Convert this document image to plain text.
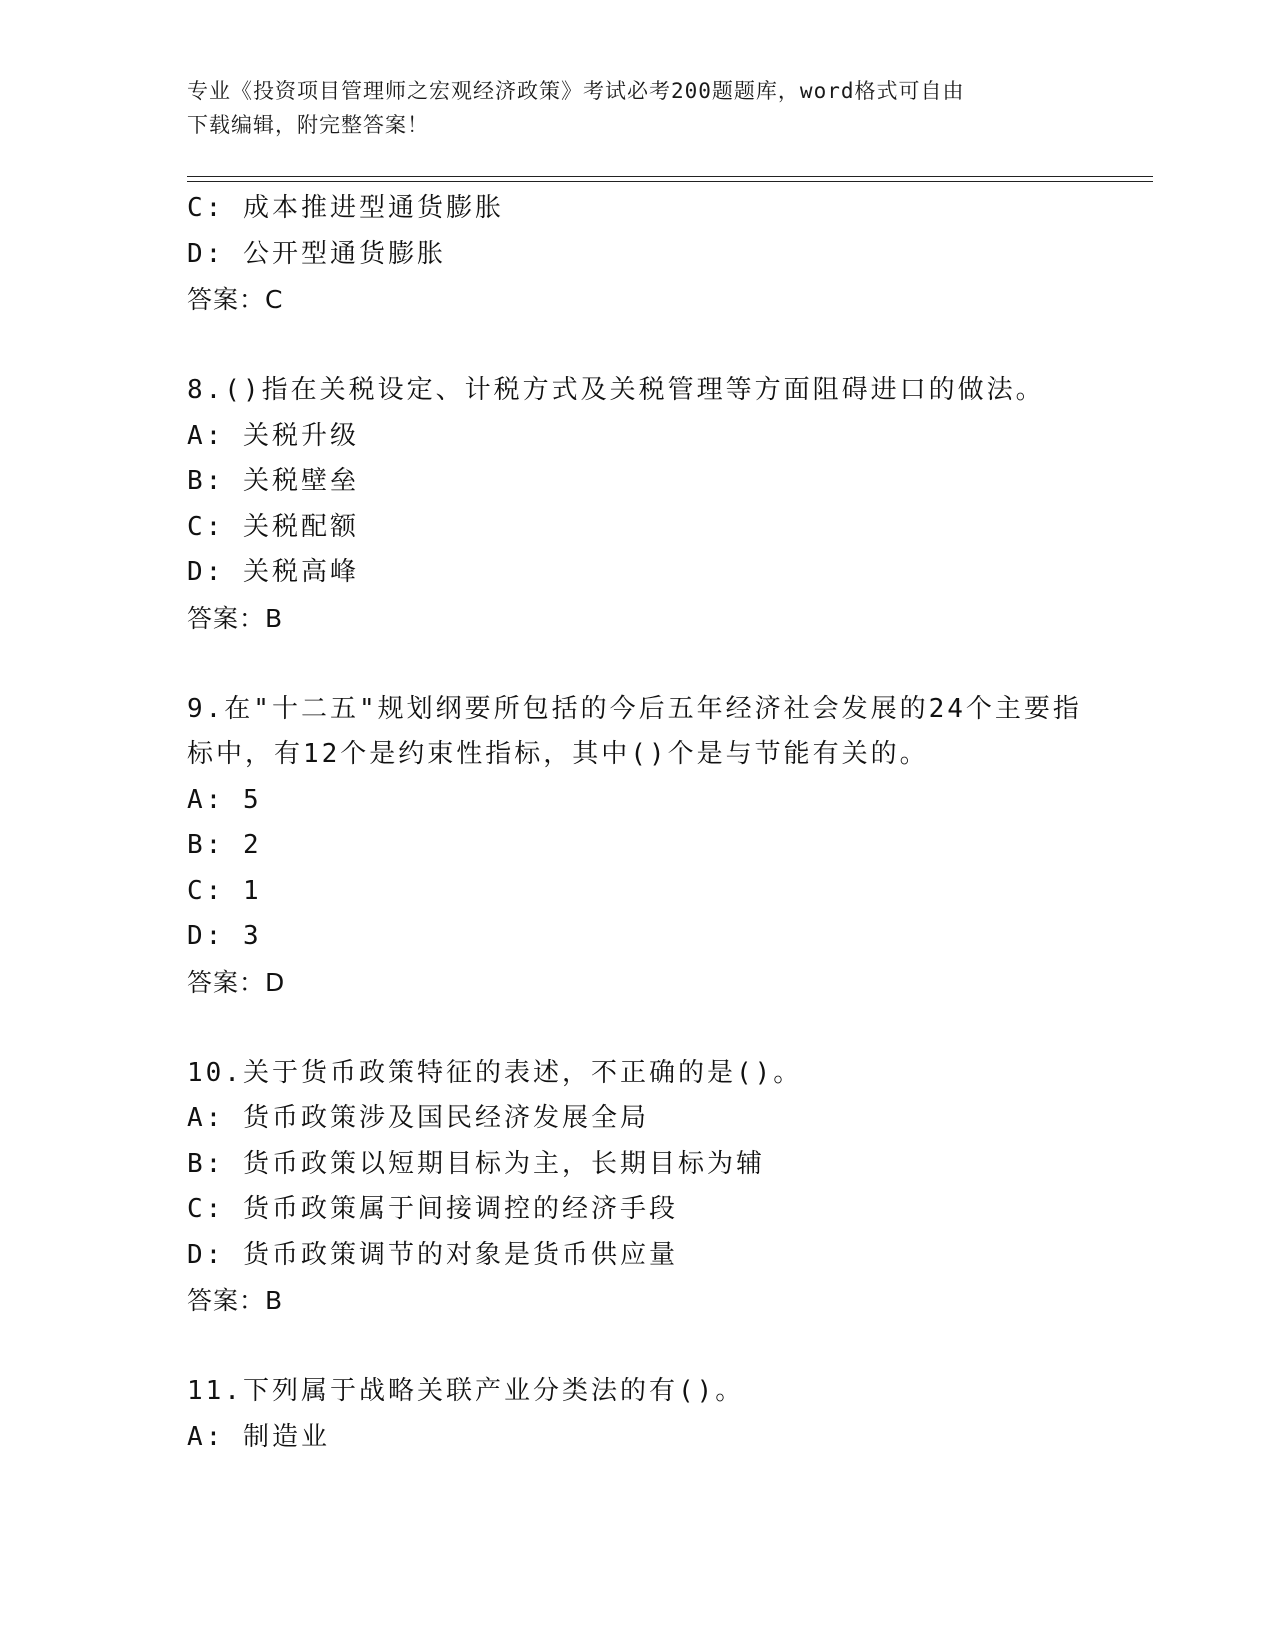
专业《投资项目管理师之宏观经济政策》考试必考200题题库，word格式可自由
下载编辑，附完整答案！
C: 成本推进型通货膨胀
D: 公开型通货膨胀
答案：C
8.()指在关税设定、计税方式及关税管理等方面阻碍进口的做法。
A: 关税升级
B: 关税壁垒
C: 关税配额
D: 关税高峰
答案：B
9.在"十二五"规划纲要所包括的今后五年经济社会发展的24个主要指
标中，有12个是约束性指标，其中()个是与节能有关的。
A: 5
B: 2
C: 1
D: 3
答案：D
10.关于货币政策特征的表述，不正确的是()。
A: 货币政策涉及国民经济发展全局
B: 货币政策以短期目标为主，长期目标为辅
C: 货币政策属于间接调控的经济手段
D: 货币政策调节的对象是货币供应量
答案：B
11.下列属于战略关联产业分类法的有()。
A: 制造业
